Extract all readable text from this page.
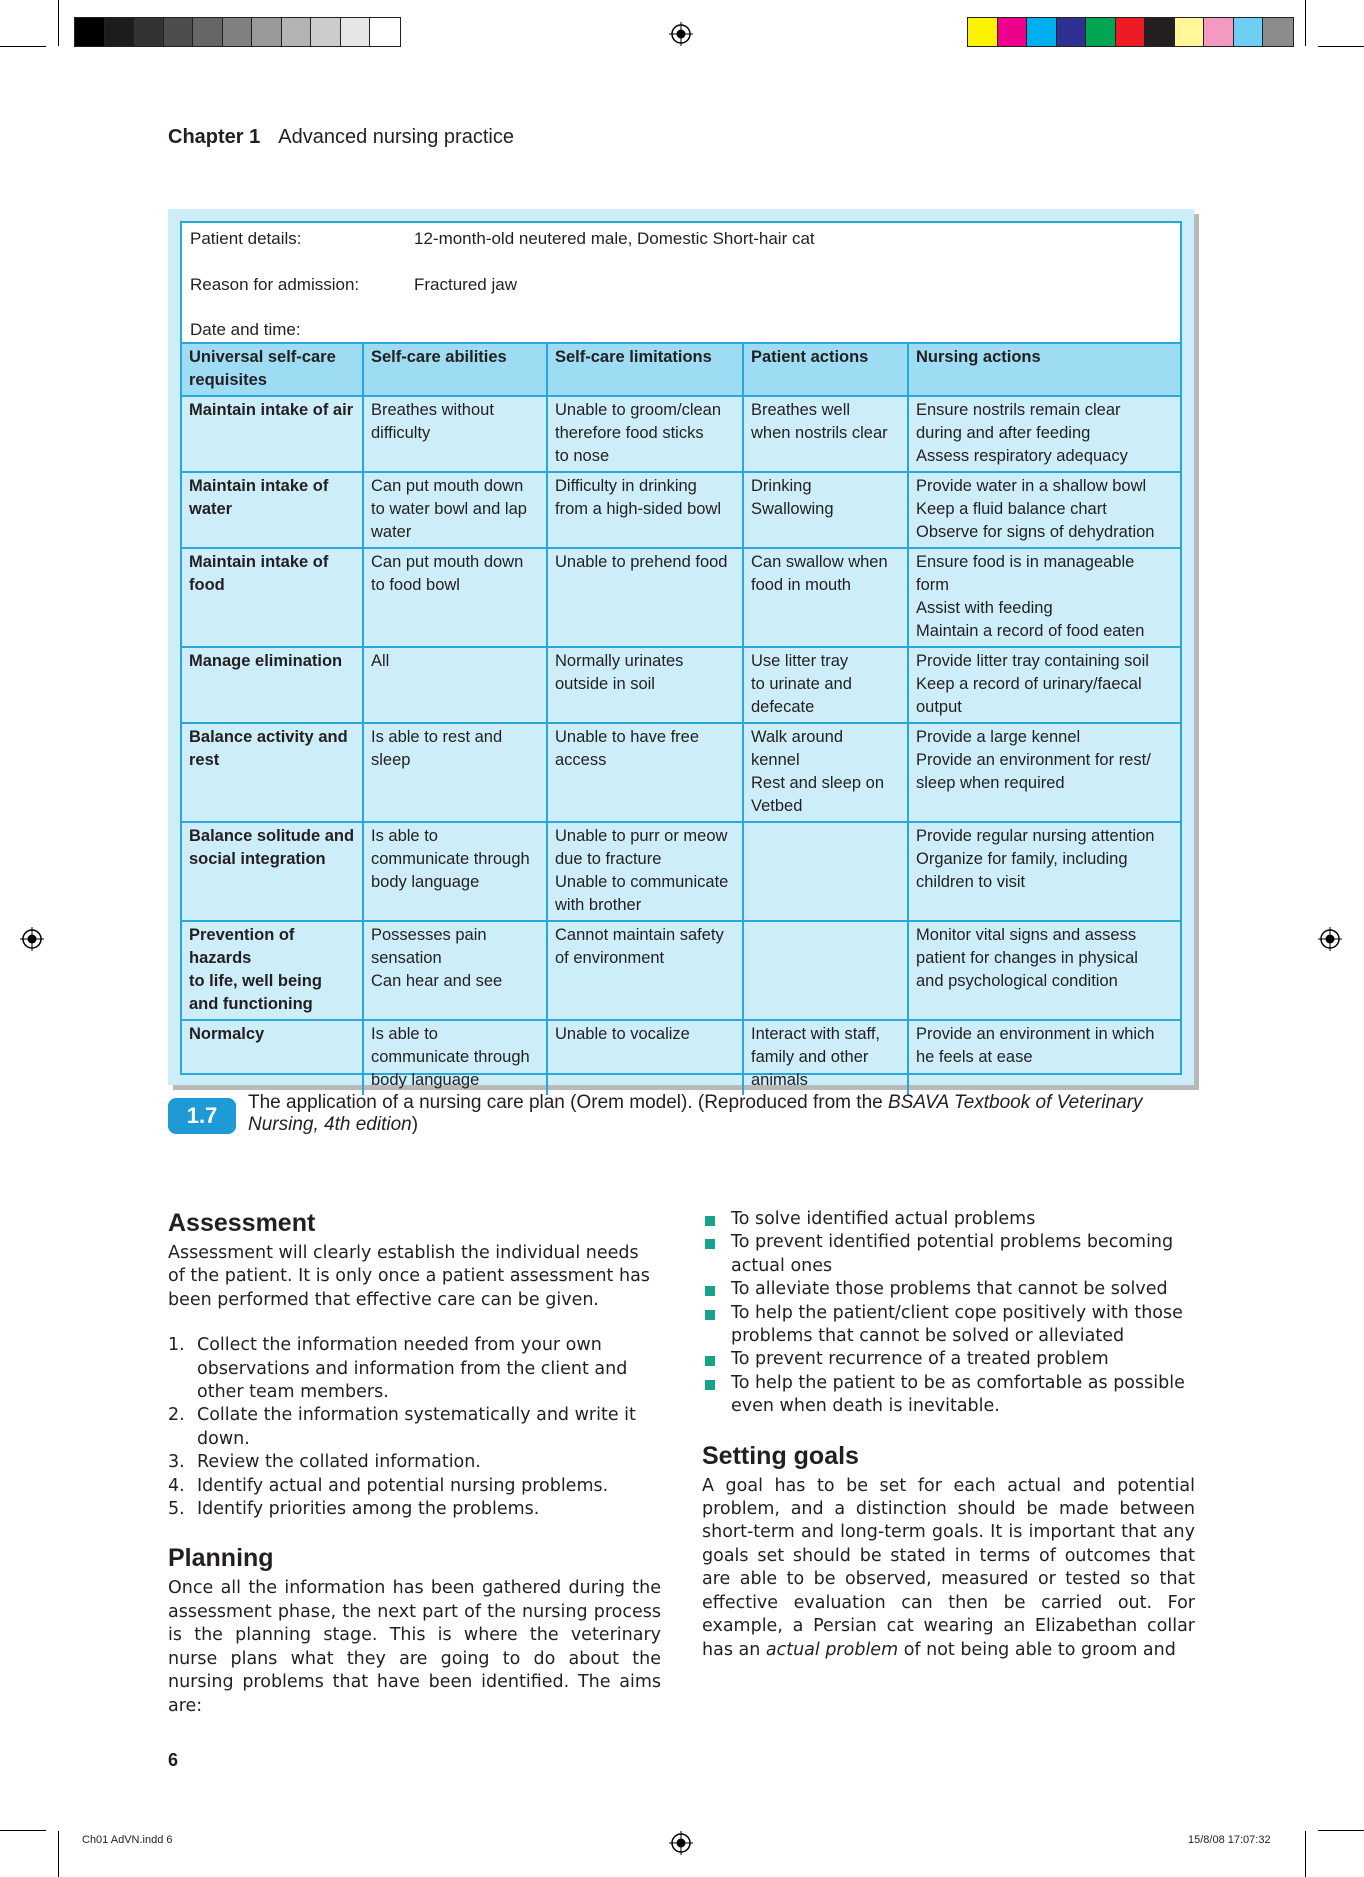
Chapter 1 Advanced nursing practice
Patient details:	12-month-old neutered male, Domestic Short-hair cat
Reason for admission:	Fractured jaw
Date and time:
Universal self-care requisites	Self-care abilities	Self-care limitations	Patient actions	Nursing actions

Maintain intake of air	Breathes without
difficulty	Unable to groom/clean
therefore food sticks
to nose	Breathes well
when nostrils clear	Ensure nostrils remain clear
during and after feeding
Assess respiratory adequacy

Maintain intake of
water	Can put mouth down
to water bowl and lap
water	Difficulty in drinking
from a high-sided bowl	Drinking
Swallowing	Provide water in a shallow bowl
Keep a fluid balance chart
Observe for signs of dehydration

Maintain intake of
food	Can put mouth down
to food bowl	Unable to prehend food	Can swallow when
food in mouth	Ensure food is in manageable
form
Assist with feeding
Maintain a record of food eaten

Manage elimination	All	Normally urinates
outside in soil	Use litter tray
to urinate and
defecate	Provide litter tray containing soil
Keep a record of urinary/faecal
output

Balance activity and
rest	Is able to rest and
sleep	Unable to have free
access	Walk around
kennel
Rest and sleep on
Vetbed	Provide a large kennel
Provide an environment for rest/
sleep when required

Balance solitude and
social integration	Is able to
communicate through
body language	Unable to purr or meow
due to fracture
Unable to communicate
with brother		Provide regular nursing attention
Organize for family, including
children to visit

Prevention of hazards
to life, well being
and functioning	Possesses pain
sensation
Can hear and see	Cannot maintain safety
of environment		Monitor vital signs and assess
patient for changes in physical
and psychological condition

Normalcy	Is able to
communicate through
body language	Unable to vocalize	Interact with staff,
family and other
animals	Provide an environment in which
he feels at ease
1.7
The application of a nursing care plan (Orem model). (Reproduced from the BSAVA Textbook of Veterinary Nursing, 4th edition)
Assessment

Assessment will clearly establish the individual needs of the patient. It is only once a patient assessment has been performed that effective care can be given.

1. Collect the information needed from your own observations and information from the client and other team members.
2. Collate the information systematically and write it down.
3. Review the collated information.
4. Identify actual and potential nursing problems.
5. Identify priorities among the problems.
Planning

Once all the information has been gathered during the assessment phase, the next part of the nursing process is the planning stage. This is where the veterinary nurse plans what they are going to do about the nursing problems that have been identified. The aims are:

To solve identified actual problems
To prevent identified potential problems becoming actual ones
To alleviate those problems that cannot be solved
To help the patient/client cope positively with those problems that cannot be solved or alleviated
To prevent recurrence of a treated problem
To help the patient to be as comfortable as possible even when death is inevitable.
Setting goals

A goal has to be set for each actual and potential problem, and a distinction should be made between short-term and long-term goals. It is important that any goals set should be stated in terms of outcomes that are able to be observed, measured or tested so that effective evaluation can then be carried out. For example, a Persian cat wearing an Elizabethan collar has an actual problem of not being able to groom and

6
Ch01 AdVN.indd 6	15/8/08 17:07:32
